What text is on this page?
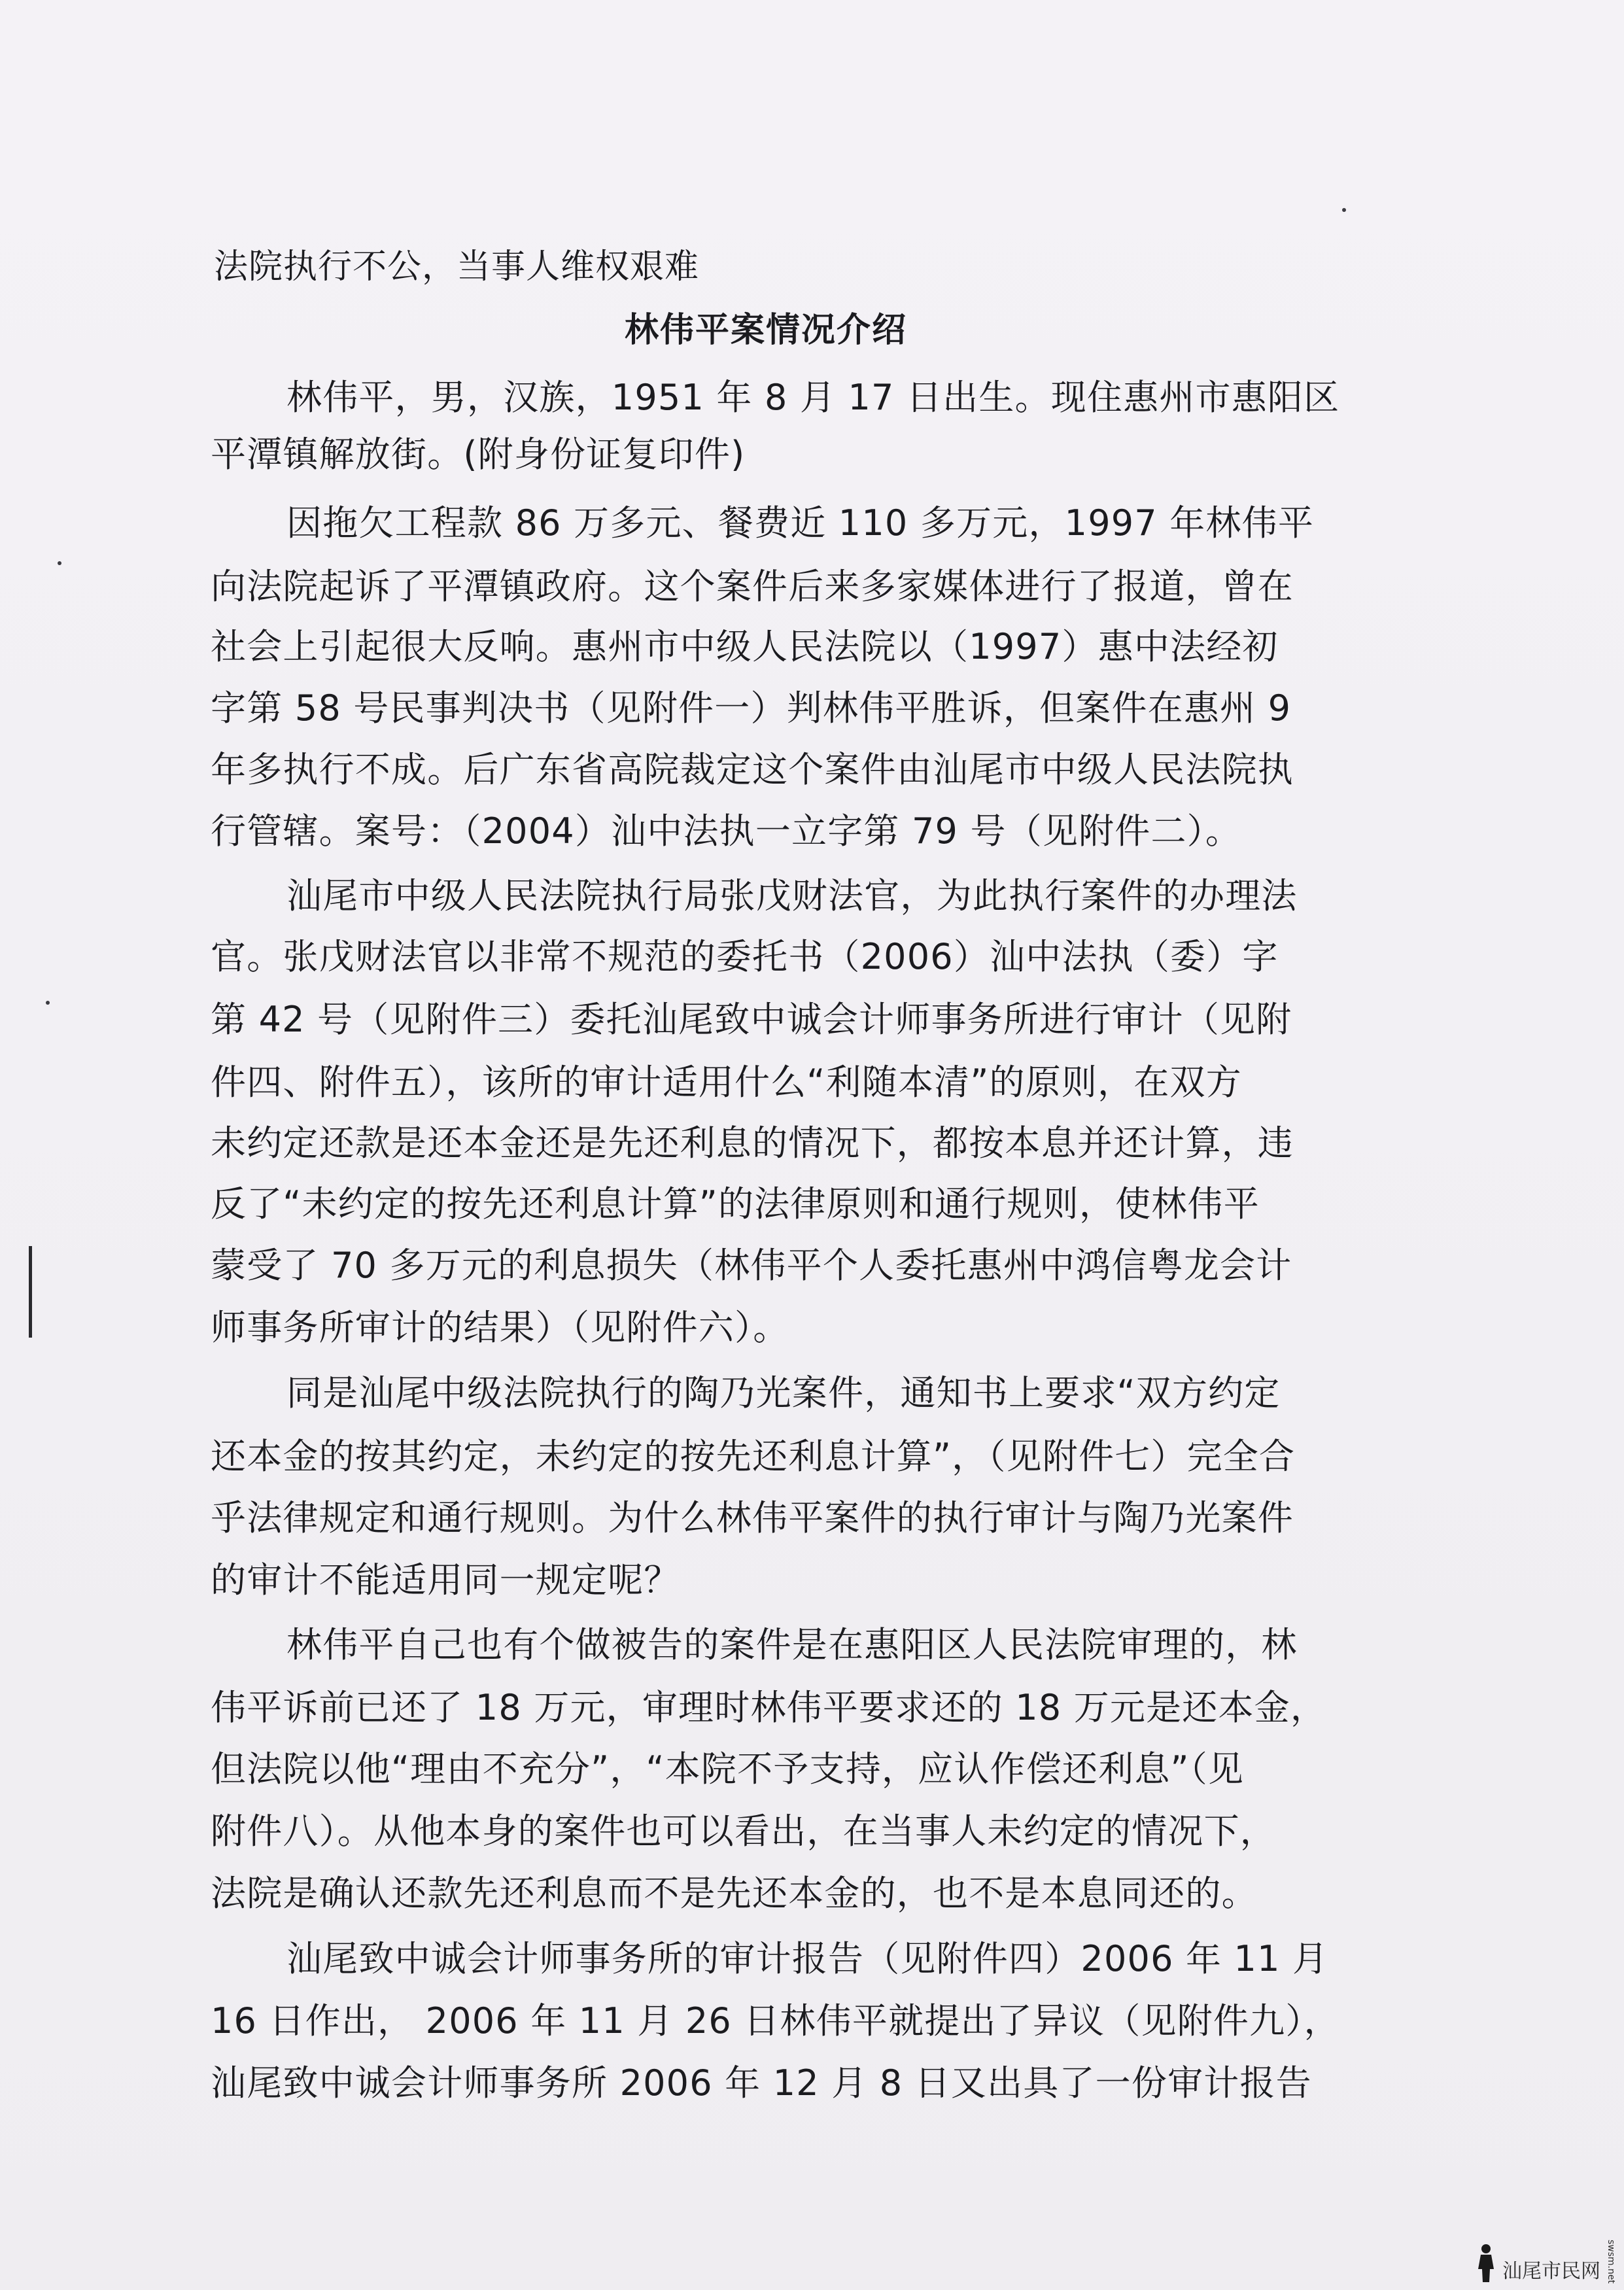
法院执行不公，当事人维权艰难
林伟平案情况介绍
林伟平，男，汉族，1951 年 8 月 17 日出生。现住惠州市惠阳区
平潭镇解放街。(附身份证复印件)
因拖欠工程款 86 万多元、餐费近 110 多万元，1997 年林伟平
向法院起诉了平潭镇政府。这个案件后来多家媒体进行了报道，曾在
社会上引起很大反响。惠州市中级人民法院以（1997）惠中法经初
字第 58 号民事判决书（见附件一）判林伟平胜诉，但案件在惠州 9
年多执行不成。后广东省高院裁定这个案件由汕尾市中级人民法院执
行管辖。案号：（2004）汕中法执一立字第 79 号（见附件二）。
汕尾市中级人民法院执行局张戊财法官，为此执行案件的办理法
官。张戊财法官以非常不规范的委托书（2006）汕中法执（委）字
第 42 号（见附件三）委托汕尾致中诚会计师事务所进行审计（见附
件四、附件五），该所的审计适用什么“利随本清”的原则，在双方
未约定还款是还本金还是先还利息的情况下，都按本息并还计算，违
反了“未约定的按先还利息计算”的法律原则和通行规则，使林伟平
蒙受了 70 多万元的利息损失（林伟平个人委托惠州中鸿信粤龙会计
师事务所审计的结果）（见附件六）。
同是汕尾中级法院执行的陶乃光案件，通知书上要求“双方约定
还本金的按其约定，未约定的按先还利息计算”，（见附件七）完全合
乎法律规定和通行规则。为什么林伟平案件的执行审计与陶乃光案件
的审计不能适用同一规定呢？
林伟平自己也有个做被告的案件是在惠阳区人民法院审理的，林
伟平诉前已还了 18 万元，审理时林伟平要求还的 18 万元是还本金，
但法院以他“理由不充分”，“本院不予支持，应认作偿还利息”（见
附件八）。从他本身的案件也可以看出，在当事人未约定的情况下，
法院是确认还款先还利息而不是先还本金的，也不是本息同还的。
汕尾致中诚会计师事务所的审计报告（见附件四）2006 年 11 月
16 日作出， 2006 年 11 月 26 日林伟平就提出了异议（见附件九），
汕尾致中诚会计师事务所 2006 年 12 月 8 日又出具了一份审计报告
汕尾市民网 swsm.net
